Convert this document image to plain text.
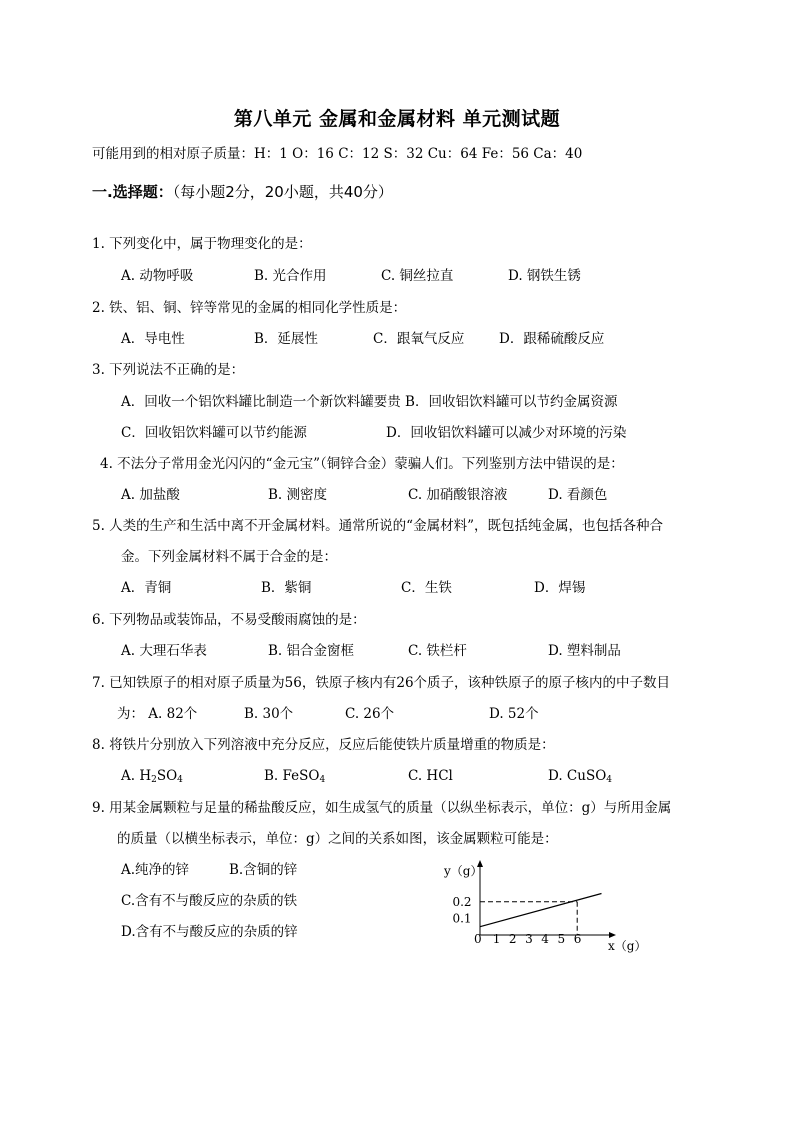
第八单元 金属和金属材料 单元测试题
可能用到的相对原子质量：H：1 O：16 C：12 S：32 Cu：64 Fe：56 Ca：40
一.选择题：（每小题2分，20小题，共40分）
1. 下列变化中，属于物理变化的是：
A. 动物呼吸	B. 光合作用	C. 铜丝拉直	D. 钢铁生锈
2. 铁、铝、铜、锌等常见的金属的相同化学性质是：
A．导电性	B．延展性	C．跟氧气反应	D．跟稀硫酸反应
3. 下列说法不正确的是：
A．回收一个铝饮料罐比制造一个新饮料罐要贵 B．回收铝饮料罐可以节约金属资源
C．回收铝饮料罐可以节约能源	D．回收铝饮料罐可以减少对环境的污染
4. 不法分子常用金光闪闪的“金元宝”（铜锌合金）蒙骗人们。下列鉴别方法中错误的是：
A. 加盐酸	B. 测密度	C. 加硝酸银溶液	D. 看颜色
5. 人类的生产和生活中离不开金属材料。通常所说的“金属材料”，既包括纯金属，也包括各种合
金。下列金属材料不属于合金的是：
A．青铜	B．紫铜	C．生铁	D．焊锡
6. 下列物品或装饰品，不易受酸雨腐蚀的是：
A. 大理石华表	B. 铝合金窗框	C. 铁栏杆	D. 塑料制品
7. 已知铁原子的相对原子质量为56，铁原子核内有26个质子，该种铁原子的原子核内的中子数目
为： A. 82个	B. 30个	C. 26个	D. 52个
8. 将铁片分别放入下列溶液中充分反应，反应后能使铁片质量增重的物质是：
A. $H_2SO_4$	B. FeSO$_4$	C. HCl	D. CuSO$_4$
9. 用某金属颗粒与足量的稀盐酸反应，如生成氢气的质量（以纵坐标表示，单位：g）与所用金属
的质量（以横坐标表示，单位：g）之间的关系如图，该金属颗粒可能是：
A.纯净的锌	B.含铜的锌
C.含有不与酸反应的杂质的铁
D.含有不与酸反应的杂质的锌
y（g）
x（g）
0 1 2 3 4 5 6
0.2
0.1
